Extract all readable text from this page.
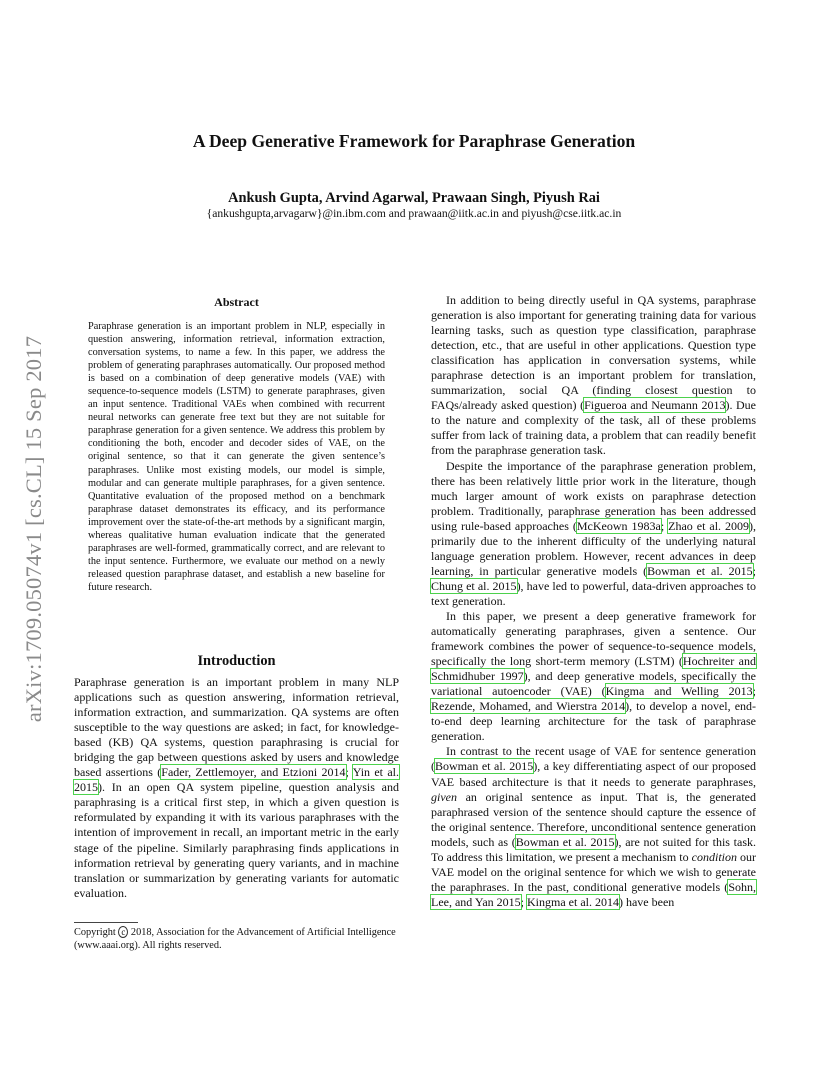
arXiv:1709.05074v1 [cs.CL] 15 Sep 2017
A Deep Generative Framework for Paraphrase Generation
Ankush Gupta, Arvind Agarwal, Prawaan Singh, Piyush Rai
{ankushgupta,arvagarw}@in.ibm.com and prawaan@iitk.ac.in and piyush@cse.iitk.ac.in
Abstract

Paraphrase generation is an important problem in NLP, especially in question answering, information retrieval, information extraction, conversation systems, to name a few. In this paper, we address the problem of generating paraphrases automatically. Our proposed method is based on a combination of deep generative models (VAE) with sequence-to-sequence models (LSTM) to generate paraphrases, given an input sentence. Traditional VAEs when combined with recurrent neural networks can generate free text but they are not suitable for paraphrase generation for a given sentence. We address this problem by conditioning the both, encoder and decoder sides of VAE, on the original sentence, so that it can generate the given sentence’s paraphrases. Unlike most existing models, our model is simple, modular and can generate multiple paraphrases, for a given sentence. Quantitative evaluation of the proposed method on a benchmark paraphrase dataset demonstrates its efficacy, and its performance improvement over the state-of-the-art methods by a significant margin, whereas qualitative human evaluation indicate that the generated paraphrases are well-formed, grammatically correct, and are relevant to the input sentence. Furthermore, we evaluate our method on a newly released question paraphrase dataset, and establish a new baseline for future research.

Introduction

Paraphrase generation is an important problem in many NLP applications such as question answering, information retrieval, information extraction, and summarization. QA systems are often susceptible to the way questions are asked; in fact, for knowledge-based (KB) QA systems, question paraphrasing is crucial for bridging the gap between questions asked by users and knowledge based assertions (Fader, Zettlemoyer, and Etzioni 2014; Yin et al. 2015). In an open QA system pipeline, question analysis and paraphrasing is a critical first step, in which a given question is reformulated by expanding it with its various paraphrases with the intention of improvement in recall, an important metric in the early stage of the pipeline. Similarly paraphrasing finds applications in information retrieval by generating query variants, and in machine translation or summarization by generating variants for automatic evaluation.

Copyright c 2018, Association for the Advancement of Artificial Intelligence (www.aaai.org). All rights reserved.

In addition to being directly useful in QA systems, paraphrase generation is also important for generating training data for various learning tasks, such as question type classification, paraphrase detection, etc., that are useful in other applications. Question type classification has application in conversation systems, while paraphrase detection is an important problem for translation, summarization, social QA (finding closest question to FAQs/already asked question) (Figueroa and Neumann 2013). Due to the nature and complexity of the task, all of these problems suffer from lack of training data, a problem that can readily benefit from the paraphrase generation task.

Despite the importance of the paraphrase generation problem, there has been relatively little prior work in the literature, though much larger amount of work exists on paraphrase detection problem. Traditionally, paraphrase generation has been addressed using rule-based approaches (McKeown 1983a; Zhao et al. 2009), primarily due to the inherent difficulty of the underlying natural language generation problem. However, recent advances in deep learning, in particular generative models (Bowman et al. 2015; Chung et al. 2015), have led to powerful, data-driven approaches to text generation.

In this paper, we present a deep generative framework for automatically generating paraphrases, given a sentence. Our framework combines the power of sequence-to-sequence models, specifically the long short-term memory (LSTM) (Hochreiter and Schmidhuber 1997), and deep generative models, specifically the variational autoencoder (VAE) (Kingma and Welling 2013; Rezende, Mohamed, and Wierstra 2014), to develop a novel, end-to-end deep learning architecture for the task of paraphrase generation.

In contrast to the recent usage of VAE for sentence generation (Bowman et al. 2015), a key differentiating aspect of our proposed VAE based architecture is that it needs to generate paraphrases, given an original sentence as input. That is, the generated paraphrased version of the sentence should capture the essence of the original sentence. Therefore, unconditional sentence generation models, such as (Bowman et al. 2015), are not suited for this task. To address this limitation, we present a mechanism to condition our VAE model on the original sentence for which we wish to generate the paraphrases. In the past, conditional generative models (Sohn, Lee, and Yan 2015; Kingma et al. 2014) have been
